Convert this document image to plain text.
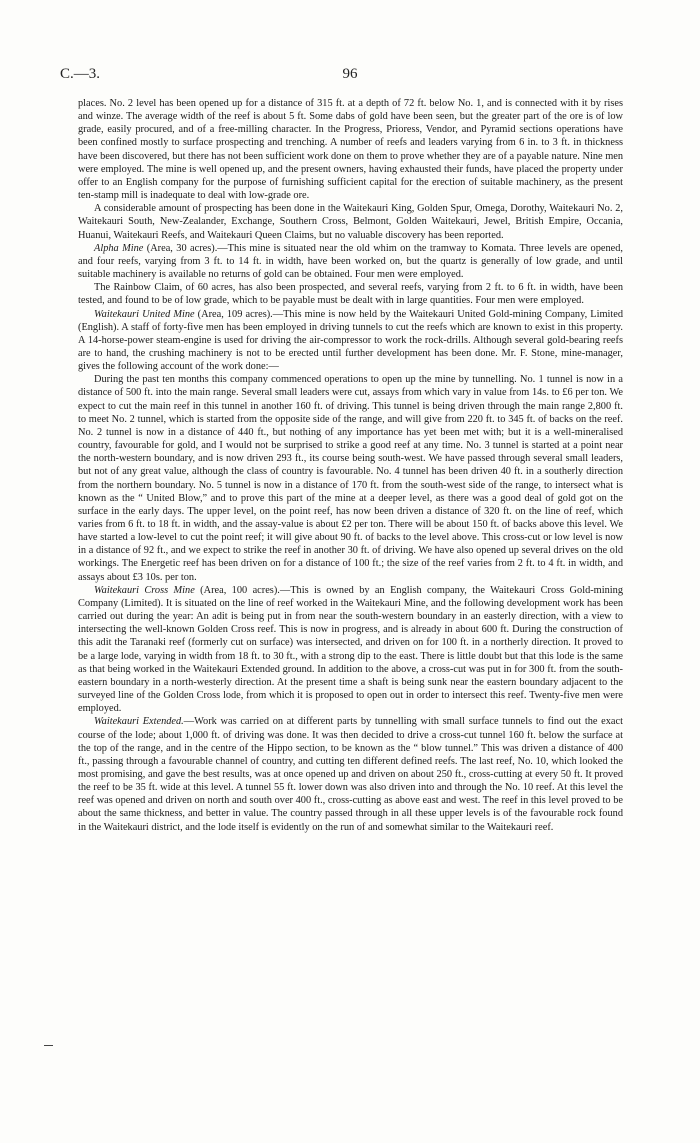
C.—3.	96

places. No. 2 level has been opened up for a distance of 315 ft. at a depth of 72 ft. below No. 1, and is connected with it by rises and winze. The average width of the reef is about 5 ft. Some dabs of gold have been seen, but the greater part of the ore is of low grade, easily procured, and of a free-milling character. In the Progress, Prioress, Vendor, and Pyramid sections operations have been confined mostly to surface prospecting and trenching. A number of reefs and leaders varying from 6 in. to 3 ft. in thickness have been discovered, but there has not been sufficient work done on them to prove whether they are of a payable nature. Nine men were employed. The mine is well opened up, and the present owners, having exhausted their funds, have placed the property under offer to an English company for the purpose of furnishing sufficient capital for the erection of suitable machinery, as the present ten-stamp mill is inadequate to deal with low-grade ore.

A considerable amount of prospecting has been done in the Waitekauri King, Golden Spur, Omega, Dorothy, Waitekauri No. 2, Waitekauri South, New-Zealander, Exchange, Southern Cross, Belmont, Golden Waitekauri, Jewel, British Empire, Occania, Huanui, Waitekauri Reefs, and Waitekauri Queen Claims, but no valuable discovery has been reported.

Alpha Mine (Area, 30 acres).—This mine is situated near the old whim on the tramway to Komata. Three levels are opened, and four reefs, varying from 3 ft. to 14 ft. in width, have been worked on, but the quartz is generally of low grade, and until suitable machinery is available no returns of gold can be obtained. Four men were employed.

The Rainbow Claim, of 60 acres, has also been prospected, and several reefs, varying from 2 ft. to 6 ft. in width, have been tested, and found to be of low grade, which to be payable must be dealt with in large quantities. Four men were employed.

Waitekauri United Mine (Area, 109 acres).—This mine is now held by the Waitekauri United Gold-mining Company, Limited (English). A staff of forty-five men has been employed in driving tunnels to cut the reefs which are known to exist in this property. A 14-horse-power steam-engine is used for driving the air-compressor to work the rock-drills. Although several gold-bearing reefs are to hand, the crushing machinery is not to be erected until further development has been done. Mr. F. Stone, mine-manager, gives the following account of the work done:—

During the past ten months this company commenced operations to open up the mine by tunnelling. No. 1 tunnel is now in a distance of 500 ft. into the main range. Several small leaders were cut, assays from which vary in value from 14s. to £6 per ton. We expect to cut the main reef in this tunnel in another 160 ft. of driving. This tunnel is being driven through the main range 2,800 ft. to meet No. 2 tunnel, which is started from the opposite side of the range, and will give from 220 ft. to 345 ft. of backs on the reef. No. 2 tunnel is now in a distance of 440 ft., but nothing of any importance has yet been met with; but it is a well-mineralised country, favourable for gold, and I would not be surprised to strike a good reef at any time. No. 3 tunnel is started at a point near the north-western boundary, and is now driven 293 ft., its course being south-west. We have passed through several small leaders, but not of any great value, although the class of country is favourable. No. 4 tunnel has been driven 40 ft. in a southerly direction from the northern boundary. No. 5 tunnel is now in a distance of 170 ft. from the south-west side of the range, to intersect what is known as the “ United Blow,” and to prove this part of the mine at a deeper level, as there was a good deal of gold got on the surface in the early days. The upper level, on the point reef, has now been driven a distance of 320 ft. on the line of reef, which varies from 6 ft. to 18 ft. in width, and the assay-value is about £2 per ton. There will be about 150 ft. of backs above this level. We have started a low-level to cut the point reef; it will give about 90 ft. of backs to the level above. This cross-cut or low level is now in a distance of 92 ft., and we expect to strike the reef in another 30 ft. of driving. We have also opened up several drives on the old workings. The Energetic reef has been driven on for a distance of 100 ft.; the size of the reef varies from 2 ft. to 4 ft. in width, and assays about £3 10s. per ton.

Waitekauri Cross Mine (Area, 100 acres).—This is owned by an English company, the Waitekauri Cross Gold-mining Company (Limited). It is situated on the line of reef worked in the Waitekauri Mine, and the following development work has been carried out during the year: An adit is being put in from near the south-western boundary in an easterly direction, with a view to intersecting the well-known Golden Cross reef. This is now in progress, and is already in about 600 ft. During the construction of this adit the Taranaki reef (formerly cut on surface) was intersected, and driven on for 100 ft. in a northerly direction. It proved to be a large lode, varying in width from 18 ft. to 30 ft., with a strong dip to the east. There is little doubt but that this lode is the same as that being worked in the Waitekauri Extended ground. In addition to the above, a cross-cut was put in for 300 ft. from the south-eastern boundary in a north-westerly direction. At the present time a shaft is being sunk near the eastern boundary adjacent to the surveyed line of the Golden Cross lode, from which it is proposed to open out in order to intersect this reef. Twenty-five men were employed.

Waitekauri Extended.—Work was carried on at different parts by tunnelling with small surface tunnels to find out the exact course of the lode; about 1,000 ft. of driving was done. It was then decided to drive a cross-cut tunnel 160 ft. below the surface at the top of the range, and in the centre of the Hippo section, to be known as the “ blow tunnel.” This was driven a distance of 400 ft., passing through a favourable channel of country, and cutting ten different defined reefs. The last reef, No. 10, which looked the most promising, and gave the best results, was at once opened up and driven on about 250 ft., cross-cutting at every 50 ft. It proved the reef to be 35 ft. wide at this level. A tunnel 55 ft. lower down was also driven into and through the No. 10 reef. At this level the reef was opened and driven on north and south over 400 ft., cross-cutting as above east and west. The reef in this level proved to be about the same thickness, and better in value. The country passed through in all these upper levels is of the favourable rock found in the Waitekauri district, and the lode itself is evidently on the run of and somewhat similar to the Waitekauri reef.
